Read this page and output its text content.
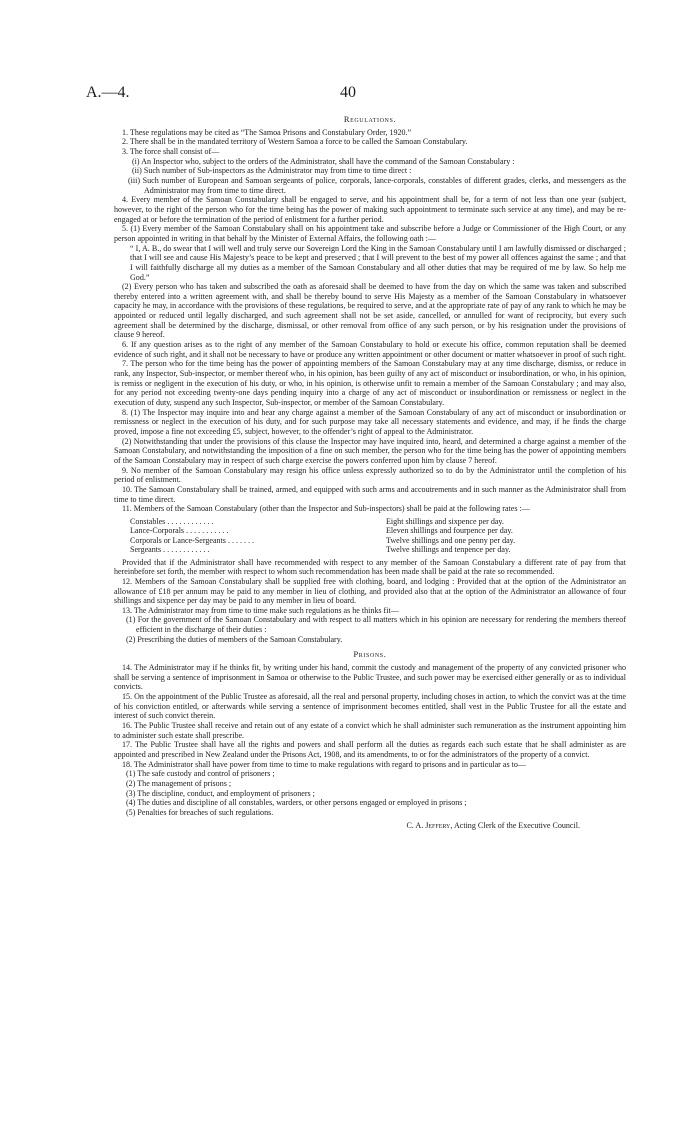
A.—4.	40
Regulations.

1. These regulations may be cited as “The Samoa Prisons and Constabulary Order, 1920.”

2. There shall be in the mandated territory of Western Samoa a force to be called the Samoan Constabulary.

3. The force shall consist of—

(i) An Inspector who, subject to the orders of the Administrator, shall have the command of the Samoan Constabulary :

(ii) Such number of Sub-inspectors as the Administrator may from time to time direct :

(iii) Such number of European and Samoan sergeants of police, corporals, lance-corporals, constables of different grades, clerks, and messengers as the Administrator may from time to time direct.

4. Every member of the Samoan Constabulary shall be engaged to serve, and his appointment shall be, for a term of not less than one year (subject, however, to the right of the person who for the time being has the power of making such appointment to terminate such service at any time), and may be re-engaged at or before the termination of the period of enlistment for a further period.

5. (1) Every member of the Samoan Constabulary shall on his appointment take and subscribe before a Judge or Commissioner of the High Court, or any person appointed in writing in that behalf by the Minister of External Affairs, the following oath :—

“ I, A. B., do swear that I will well and truly serve our Sovereign Lord the King in the Samoan Constabulary until I am lawfully dismissed or discharged ; that I will see and cause His Majesty’s peace to be kept and preserved ; that I will prevent to the best of my power all offences against the same ; and that I will faithfully discharge all my duties as a member of the Samoan Constabulary and all other duties that may be required of me by law. So help me God.”

(2) Every person who has taken and subscribed the oath as aforesaid shall be deemed to have from the day on which the same was taken and subscribed thereby entered into a written agreement with, and shall be thereby bound to serve His Majesty as a member of the Samoan Constabulary in whatsoever capacity he may, in accordance with the provisions of these regulations, be required to serve, and at the appropriate rate of pay of any rank to which he may be appointed or reduced until legally discharged, and such agreement shall not be set aside, cancelled, or annulled for want of reciprocity, but every such agreement shall be determined by the discharge, dismissal, or other removal from office of any such person, or by his resignation under the provisions of clause 9 hereof.

6. If any question arises as to the right of any member of the Samoan Constabulary to hold or execute his office, common reputation shall be deemed evidence of such right, and it shall not be necessary to have or produce any written appointment or other document or matter whatsoever in proof of such right.

7. The person who for the time being has the power of appointing members of the Samoan Constabulary may at any time discharge, dismiss, or reduce in rank, any Inspector, Sub-inspector, or member thereof who, in his opinion, has been guilty of any act of misconduct or insubordination, or who, in his opinion, is remiss or negligent in the execution of his duty, or who, in his opinion, is otherwise unfit to remain a member of the Samoan Constabulary ; and may also, for any period not exceeding twenty-one days pending inquiry into a charge of any act of misconduct or insubordination or remissness or neglect in the execution of duty, suspend any such Inspector, Sub-inspector, or member of the Samoan Constabulary.

8. (1) The Inspector may inquire into and hear any charge against a member of the Samoan Constabulary of any act of misconduct or insubordination or remissness or neglect in the execution of his duty, and for such purpose may take all necessary statements and evidence, and may, if he finds the charge proved, impose a fine not exceeding £5, subject, however, to the offender’s right of appeal to the Administrator.

(2) Notwithstanding that under the provisions of this clause the Inspector may have inquired into, heard, and determined a charge against a member of the Samoan Constabulary, and notwithstanding the imposition of a fine on such member, the person who for the time being has the power of appointing members of the Samoan Constabulary may in respect of such charge exercise the powers conferred upon him by clause 7 hereof.

9. No member of the Samoan Constabulary may resign his office unless expressly authorized so to do by the Administrator until the completion of his period of enlistment.

10. The Samoan Constabulary shall be trained, armed, and equipped with such arms and accoutrements and in such manner as the Administrator shall from time to time direct.

11. Members of the Samoan Constabulary (other than the Inspector and Sub-inspectors) shall be paid at the following rates :—

Constables . . . . . . . . . . . .	Eight shillings and sixpence per day.
Lance-Corporals . . . . . . . . . . .	Eleven shillings and fourpence per day.
Corporals or Lance-Sergeants . . . . . . .	Twelve shillings and one penny per day.
Sergeants . . . . . . . . . . . .	Twelve shillings and tenpence per day.

Provided that if the Administrator shall have recommended with respect to any member of the Samoan Constabulary a different rate of pay from that hereinbefore set forth, the member with respect to whom such recommendation has been made shall be paid at the rate so recommended.

12. Members of the Samoan Constabulary shall be supplied free with clothing, board, and lodging : Provided that at the option of the Administrator an allowance of £18 per annum may be paid to any member in lieu of clothing, and provided also that at the option of the Administrator an allowance of four shillings and sixpence per day may be paid to any member in lieu of board.

13. The Administrator may from time to time make such regulations as he thinks fit—

(1) For the government of the Samoan Constabulary and with respect to all matters which in his opinion are necessary for rendering the members thereof efficient in the discharge of their duties :

(2) Prescribing the duties of members of the Samoan Constabulary.

Prisons.

14. The Administrator may if he thinks fit, by writing under his hand, commit the custody and management of the property of any convicted prisoner who shall be serving a sentence of imprisonment in Samoa or otherwise to the Public Trustee, and such power may be exercised either generally or as to individual convicts.

15. On the appointment of the Public Trustee as aforesaid, all the real and personal property, including choses in action, to which the convict was at the time of his conviction entitled, or afterwards while serving a sentence of imprisonment becomes entitled, shall vest in the Public Trustee for all the estate and interest of such convict therein.

16. The Public Trustee shall receive and retain out of any estate of a convict which he shall administer such remuneration as the instrument appointing him to administer such estate shall prescribe.

17. The Public Trustee shall have all the rights and powers and shall perform all the duties as regards each such estate that he shall administer as are appointed and prescribed in New Zealand under the Prisons Act, 1908, and its amendments, to or for the administrators of the property of a convict.

18. The Administrator shall have power from time to time to make regulations with regard to prisons and in particular as to—

(1) The safe custody and control of prisoners ;

(2) The management of prisons ;

(3) The discipline, conduct, and employment of prisoners ;

(4) The duties and discipline of all constables, warders, or other persons engaged or employed in prisons ;

(5) Penalties for breaches of such regulations.

C. A. Jeffery, Acting Clerk of the Executive Council.
